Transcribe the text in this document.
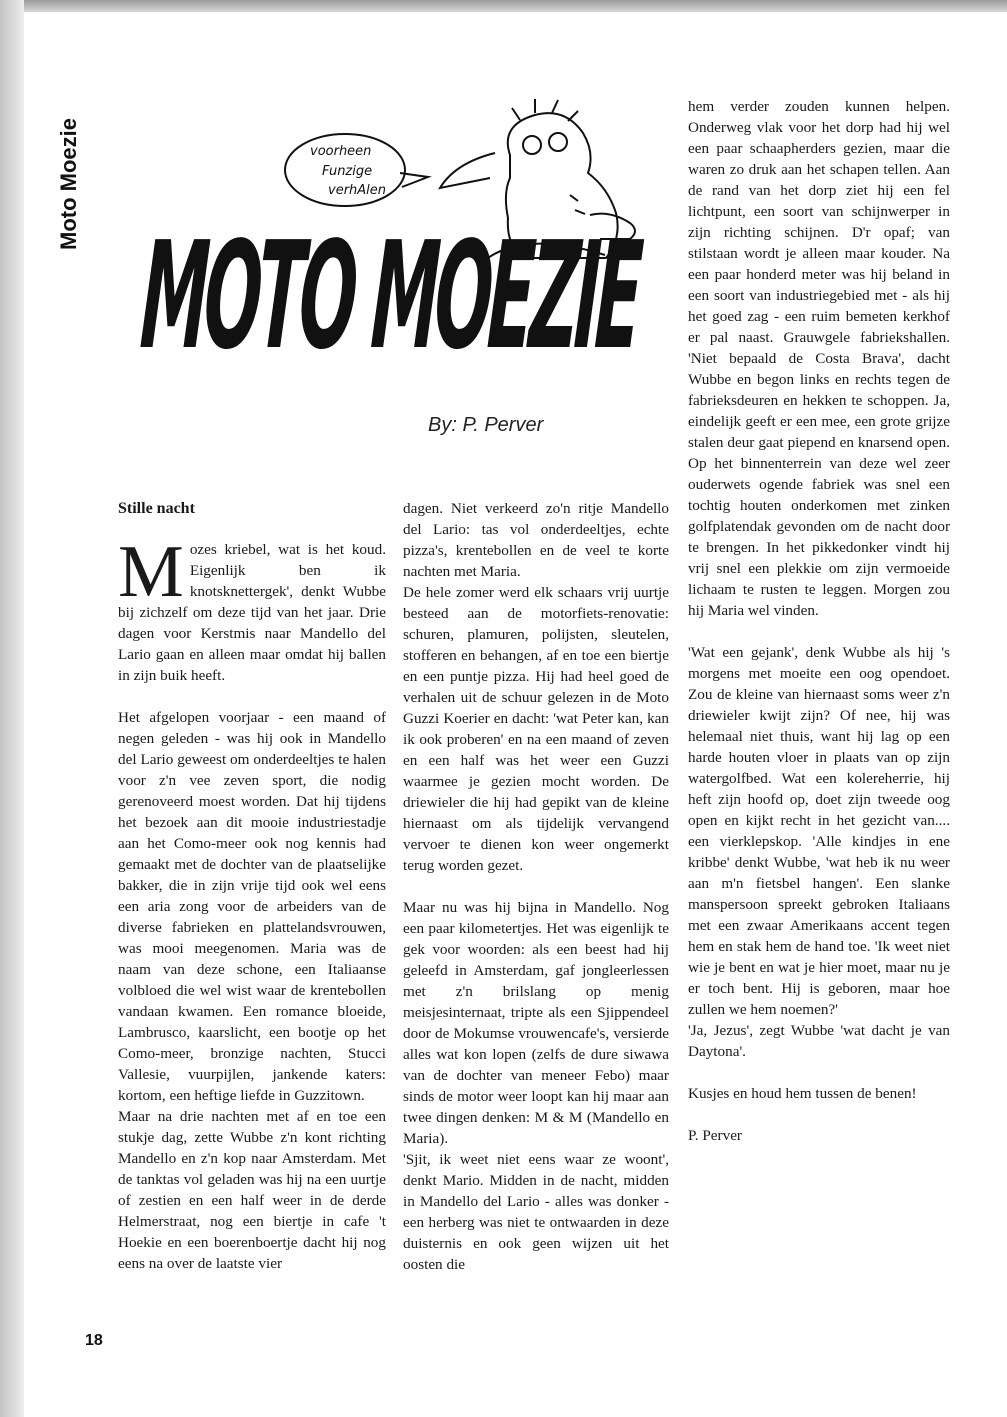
Moto Moezie
	voorheen
Funzige
verhAlen
MOTO MOEZIE
By: P. Perver
Stille nacht

Mozes kriebel, wat is het koud. Eigenlijk ben ik knotsknettergek', denkt Wubbe bij zichzelf om deze tijd van het jaar. Drie dagen voor Kerstmis naar Mandello del Lario gaan en alleen maar omdat hij ballen in zijn buik heeft.

Het afgelopen voorjaar - een maand of negen geleden - was hij ook in Mandello del Lario geweest om onderdeeltjes te halen voor z'n vee zeven sport, die nodig gerenoveerd moest worden. Dat hij tijdens het bezoek aan dit mooie industriestadje aan het Como-meer ook nog kennis had gemaakt met de dochter van de plaatselijke bakker, die in zijn vrije tijd ook wel eens een aria zong voor de arbeiders van de diverse fabrieken en plattelandsvrouwen, was mooi meegenomen. Maria was de naam van deze schone, een Italiaanse volbloed die wel wist waar de krentebollen vandaan kwamen. Een romance bloeide, Lambrusco, kaarslicht, een bootje op het Como-meer, bronzige nachten, Stucci Vallesie, vuurpijlen, jankende katers: kortom, een heftige liefde in Guzzitown.

Maar na drie nachten met af en toe een stukje dag, zette Wubbe z'n kont richting Mandello en z'n kop naar Amsterdam. Met de tanktas vol geladen was hij na een uurtje of zestien en een half weer in de derde Helmerstraat, nog een biertje in cafe 't Hoekie en een boerenboertje dacht hij nog eens na over de laatste vier

dagen. Niet verkeerd zo'n ritje Mandello del Lario: tas vol onderdeeltjes, echte pizza's, krentebollen en de veel te korte nachten met Maria.

De hele zomer werd elk schaars vrij uurtje besteed aan de motorfiets-renovatie: schuren, plamuren, polijsten, sleutelen, stofferen en behangen, af en toe een biertje en een puntje pizza. Hij had heel goed de verhalen uit de schuur gelezen in de Moto Guzzi Koerier en dacht: 'wat Peter kan, kan ik ook proberen' en na een maand of zeven en een half was het weer een Guzzi waarmee je gezien mocht worden. De driewieler die hij had gepikt van de kleine hiernaast om als tijdelijk vervangend vervoer te dienen kon weer ongemerkt terug worden gezet.

Maar nu was hij bijna in Mandello. Nog een paar kilometertjes. Het was eigenlijk te gek voor woorden: als een beest had hij geleefd in Amsterdam, gaf jongleerlessen met z'n brilslang op menig meisjesinternaat, tripte als een Sjippendeel door de Mokumse vrouwencafe's, versierde alles wat kon lopen (zelfs de dure siwawa van de dochter van meneer Febo) maar sinds de motor weer loopt kan hij maar aan twee dingen denken: M & M (Mandello en Maria).

'Sjit, ik weet niet eens waar ze woont', denkt Mario. Midden in de nacht, midden in Mandello del Lario - alles was donker - een herberg was niet te ontwaarden in deze duisternis en ook geen wijzen uit het oosten die

hem verder zouden kunnen helpen. Onderweg vlak voor het dorp had hij wel een paar schaapherders gezien, maar die waren zo druk aan het schapen tellen. Aan de rand van het dorp ziet hij een fel lichtpunt, een soort van schijnwerper in zijn richting schijnen. D'r opaf; van stilstaan wordt je alleen maar kouder. Na een paar honderd meter was hij beland in een soort van industriegebied met - als hij het goed zag - een ruim bemeten kerkhof er pal naast. Grauwgele fabriekshallen. 'Niet bepaald de Costa Brava', dacht Wubbe en begon links en rechts tegen de fabrieksdeuren en hekken te schoppen. Ja, eindelijk geeft er een mee, een grote grijze stalen deur gaat piepend en knarsend open. Op het binnenterrein van deze wel zeer ouderwets ogende fabriek was snel een tochtig houten onderkomen met zinken golfplatendak gevonden om de nacht door te brengen. In het pikkedonker vindt hij vrij snel een plekkie om zijn vermoeide lichaam te rusten te leggen. Morgen zou hij Maria wel vinden.

'Wat een gejank', denk Wubbe als hij 's morgens met moeite een oog opendoet. Zou de kleine van hiernaast soms weer z'n driewieler kwijt zijn? Of nee, hij was helemaal niet thuis, want hij lag op een harde houten vloer in plaats van op zijn watergolfbed. Wat een kolereherrie, hij heft zijn hoofd op, doet zijn tweede oog open en kijkt recht in het gezicht van.... een vierklepskop. 'Alle kindjes in ene kribbe' denkt Wubbe, 'wat heb ik nu weer aan m'n fietsbel hangen'. Een slanke manspersoon spreekt gebroken Italiaans met een zwaar Amerikaans accent tegen hem en stak hem de hand toe. 'Ik weet niet wie je bent en wat je hier moet, maar nu je er toch bent. Hij is geboren, maar hoe zullen we hem noemen?'

'Ja, Jezus', zegt Wubbe 'wat dacht je van Daytona'.

Kusjes en houd hem tussen de benen!

P. Perver

18
